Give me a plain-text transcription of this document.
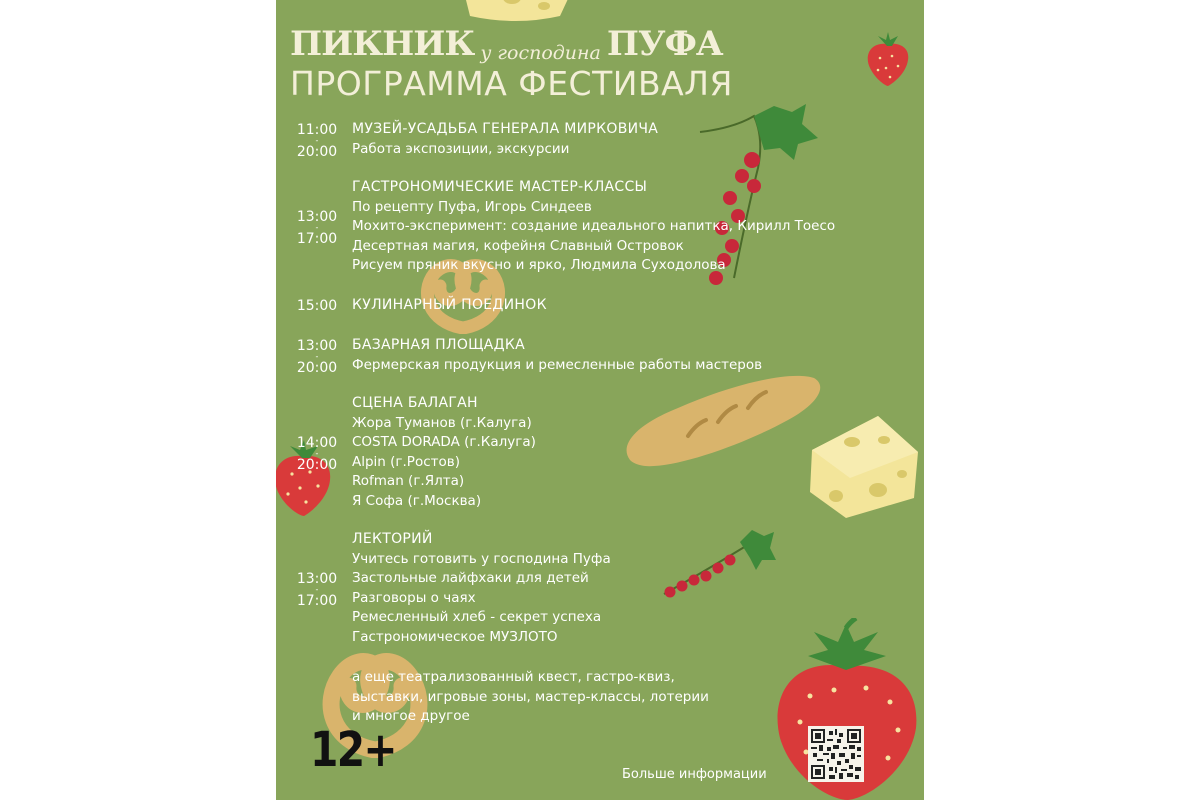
ПИКНИК у господина ПУФА
ПРОГРАММА ФЕСТИВАЛЯ
11:00
-
20:00
МУЗЕЙ-УСАДЬБА ГЕНЕРАЛА МИРКОВИЧА
Работа экспозиции, экскурсии
13:00
-
17:00
ГАСТРОНОМИЧЕСКИЕ МАСТЕР-КЛАССЫ
По рецепту Пуфа, Игорь Синдеев
Мохито-эксперимент: создание идеального напитка, Кирилл Тоесо
Десертная магия, кофейня Славный Островок
Рисуем пряник вкусно и ярко, Людмила Суходолова
15:00	КУЛИНАРНЫЙ ПОЕДИНОК
13:00
-
20:00
БАЗАРНАЯ ПЛОЩАДКА
Фермерская продукция и ремесленные работы мастеров
14:00
-
20:00
СЦЕНА БАЛАГАН
Жора Туманов (г.Калуга)
COSTA DORADA (г.Калуга)
Alpin (г.Ростов)
Rofman (г.Ялта)
Я Софа (г.Москва)
13:00
-
17:00
ЛЕКТОРИЙ
Учитесь готовить у господина Пуфа
Застольные лайфхаки для детей
Разговоры о чаях
Ремесленный хлеб - секрет успеха
Гастрономическое МУЗЛОТО
а еще театрализованный квест, гастро-квиз,
выставки, игровые зоны, мастер-классы, лотерии
и многое другое
12+	Больше информации
